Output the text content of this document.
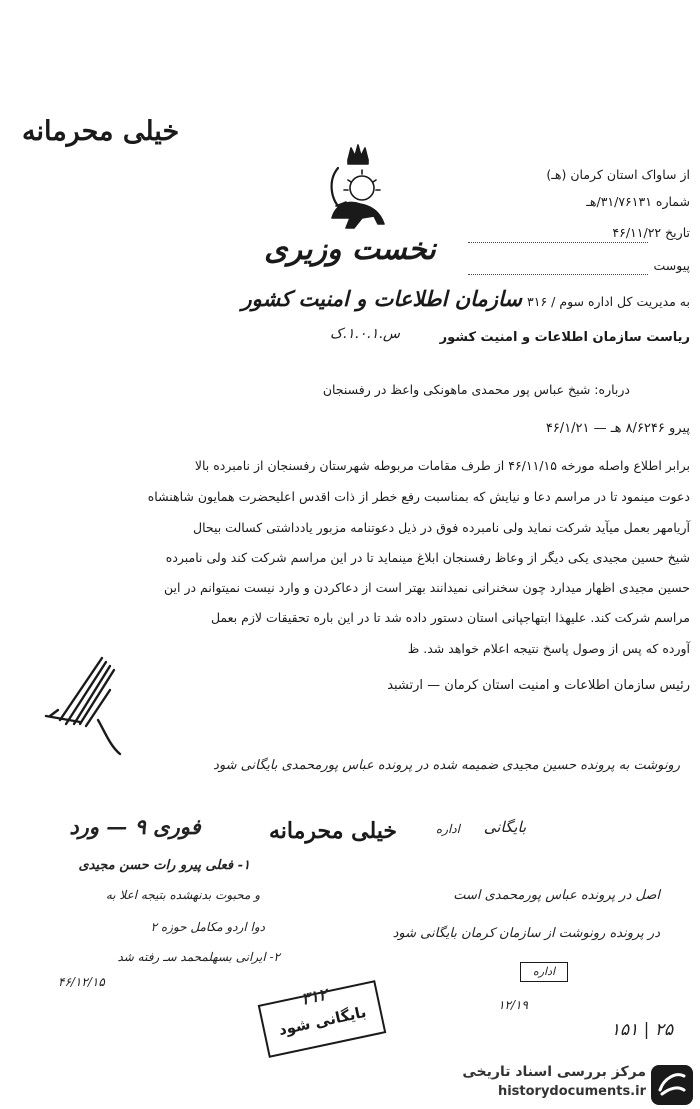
خیلی محرمانه
از ساواک استان کرمان (هـ)
شماره ۳۱/۷۶۱۳۱/هـ
تاریخ ۴۶/۱۱/۲۲
پیوست
نخست وزیری
به مدیریت کل اداره سوم / ۳۱۶ سازمان اطلاعات و امنیت کشور
ریاست سازمان اطلاعات و امنیت کشور
س.۱.۰.۱.ک
درباره: شیخ عباس پور محمدی ماهونکی واعظ در رفسنجان
پیرو ۸/۶۲۴۶ هـ — ۴۶/۱/۲۱
برابر اطلاع واصله مورخه ۴۶/۱۱/۱۵ از طرف مقامات مربوطه شهرستان رفسنجان از نامبرده بالا
دعوت مینمود تا در مراسم دعا و نیایش که بمناسبت رفع خطر از ذات اقدس اعلیحضرت همایون شاهنشاه
آریامهر بعمل میآید شرکت نماید ولی نامبرده فوق در ذیل دعوتنامه مزبور یادداشتی کسالت بیحال
شیخ حسین مجیدی یکی دیگر از وعاظ رفسنجان ابلاغ مینماید تا در این مراسم شرکت کند ولی نامبرده
حسین مجیدی اظهار میدارد چون سخنرانی نمیدانند بهتر است از دعاکردن و وارد نیست نمیتوانم در این
مراسم شرکت کند. علیهذا ابتهاجپانی استان دستور داده شد تا در این باره تحقیقات لازم بعمل
آورده که پس از وصول پاسخ نتیجه اعلام خواهد شد. ظ
رئیس سازمان اطلاعات و امنیت استان کرمان — ارتشبد
رونوشت به پرونده حسین مجیدی ضمیمه شده در پرونده عباس پورمحمدی بایگانی شود
فوری ۹ — ورد	خیلی محرمانه	اداره	بایگانی
اصل در پرونده عباس پورمحمدی است
در پرونده رونوشت از سازمان کرمان بایگانی شود
۱- فعلی پیرو رات حسن مجیدی
و محبوت بدنهشده بتیجه اعلا به
دوا اردو مکامل حوزه ۲
۲- ایرانی بسهلمحمد سـ رفته شد
۴۶/۱۲/۱۵
اداره
۱۲/۱۹
۳۱۲
بایگانی شود	۱۵۱ | ۲۵
مرکز بررسی اسناد تاریخی
historydocuments.ir
